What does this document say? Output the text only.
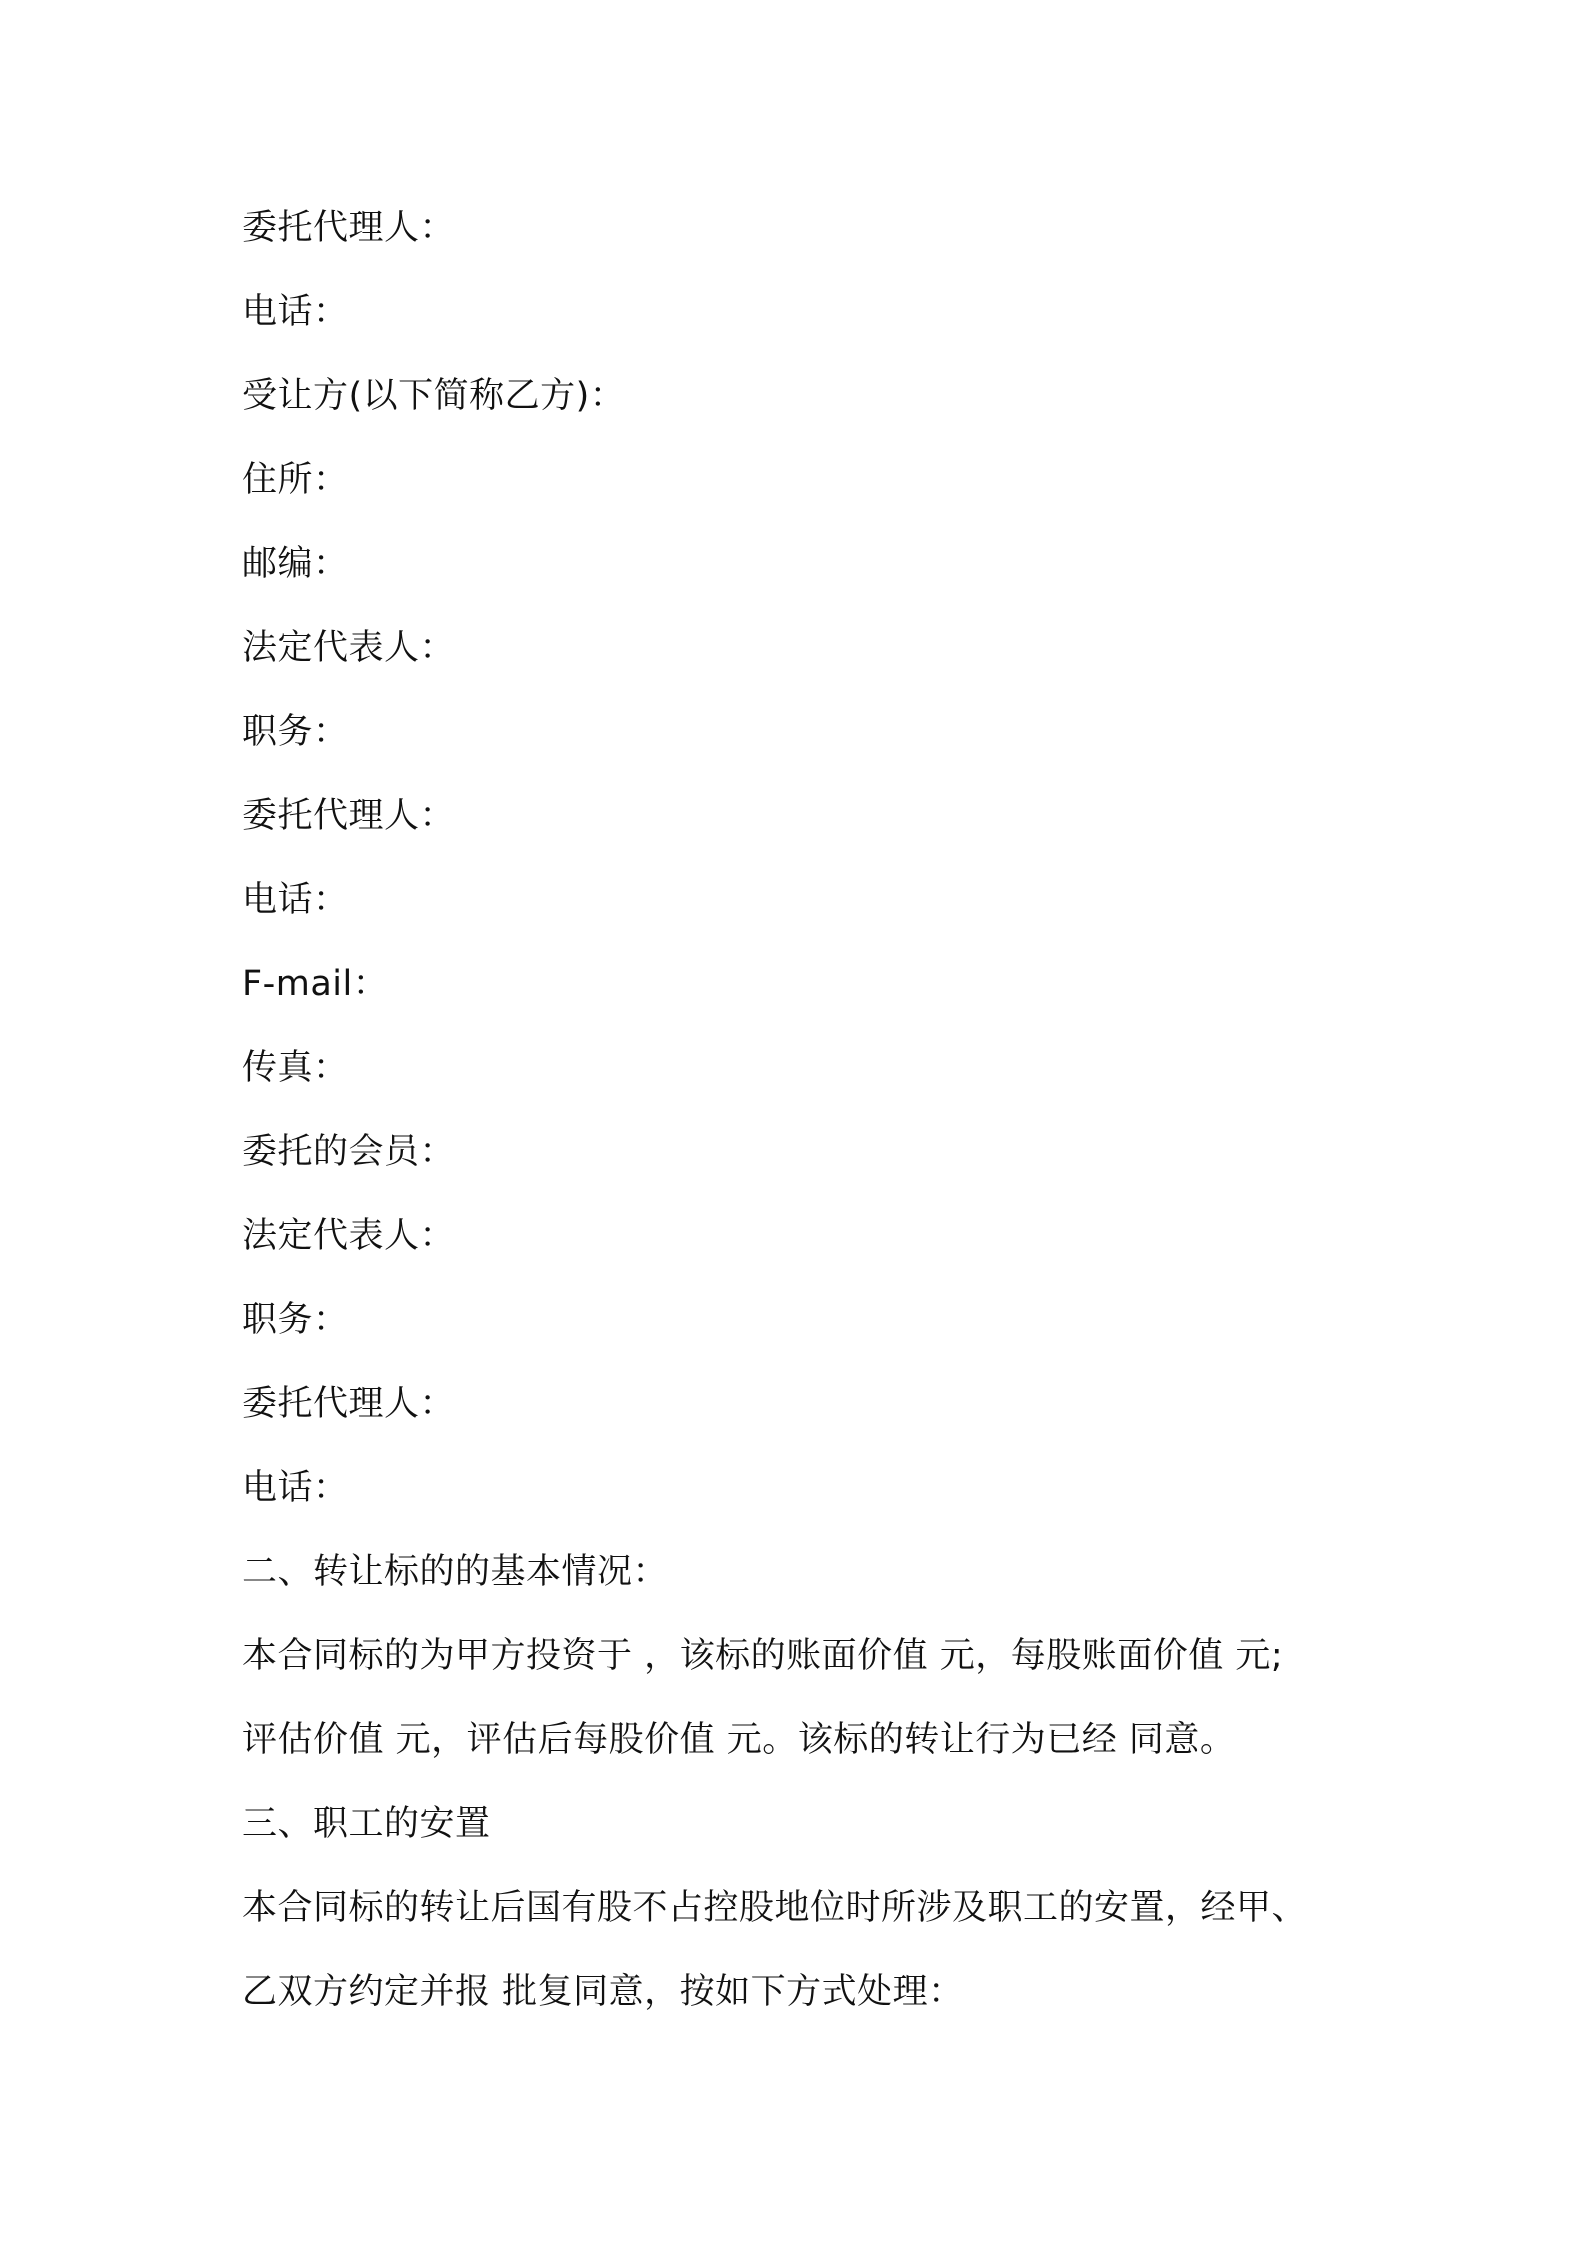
委托代理人：
电话：
受让方(以下简称乙方)：
住所：
邮编：
法定代表人：
职务：
委托代理人：
电话：
F-mail：
传真：
委托的会员：
法定代表人：
职务：
委托代理人：
电话：
二、转让标的的基本情况：
本合同标的为甲方投资于 ，该标的账面价值 元，每股账面价值 元;
评估价值 元，评估后每股价值 元。该标的转让行为已经 同意。
三、职工的安置
本合同标的转让后国有股不占控股地位时所涉及职工的安置，经甲、
乙双方约定并报 批复同意，按如下方式处理：
